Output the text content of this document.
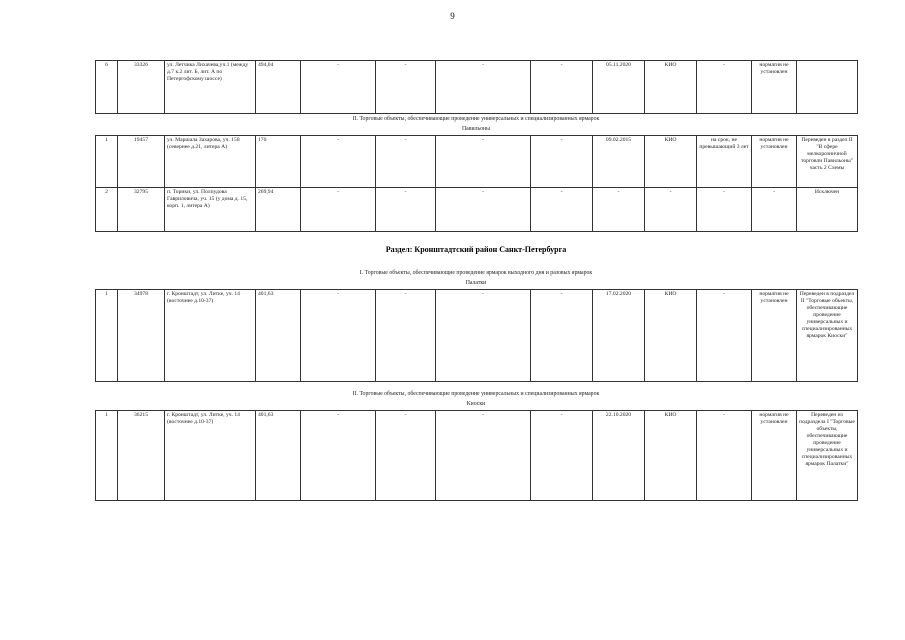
9
6	33326	ул. Летчика Лихачева,уч.1 (между д.7 к.2 лит. Б, лит. А по Петергофскому шоссе)	494,04	-	-	-	-	05.11.2020	КИО	-	норматив не установлен	
II. Торговые объекты, обеспечивающие проведение универсальных и специализированных ярмарок
Павильоны
1	19457	ул. Маршала Захарова, уч. 158 (севернее д.21, литера А)	170	-	-	-	-	09.02.2015	КИО	на срок, не превышающий 3 лет	норматив не установлен	Переведен в раздел II "В сфере мелкорозничной торговли Павильоны" часть 2 Схемы
2	32795	п. Торики, ул. Полпудова Гавриловича, уч. 15 (у дома д. 15, корп. 1, литера А)	269,94	-	-	-	-	-	-	-	-	Исключен
Раздел: Кронштадтский район Санкт-Петербурга
I. Торговые объекты, обеспечивающие проведение ярмарок выходного дня и разовых ярмарок
Палатки
1	34978	г. Кронштадт, ул. Литке, уч. 14 (восточнее д.10-37)	401,63	-	-	-	-	17.02.2020	КИО	-	норматив не установлен	Переведен в подраздел II "Торговые объекты, обеспечивающие проведение универсальных и специализированных ярмарок Киоски"
II. Торговые объекты, обеспечивающие проведение универсальных и специализированных ярмарок
Киоски
1	36215	г. Кронштадт, ул. Литке, уч. 14 (восточнее д.10-37)	401,63	-	-	-	-	22.10.2020	КИО	-	норматив не установлен	Переведен из подраздела I "Торговые объекты, обеспечивающие проведение универсальных и специализированных ярмарок Палатки"
